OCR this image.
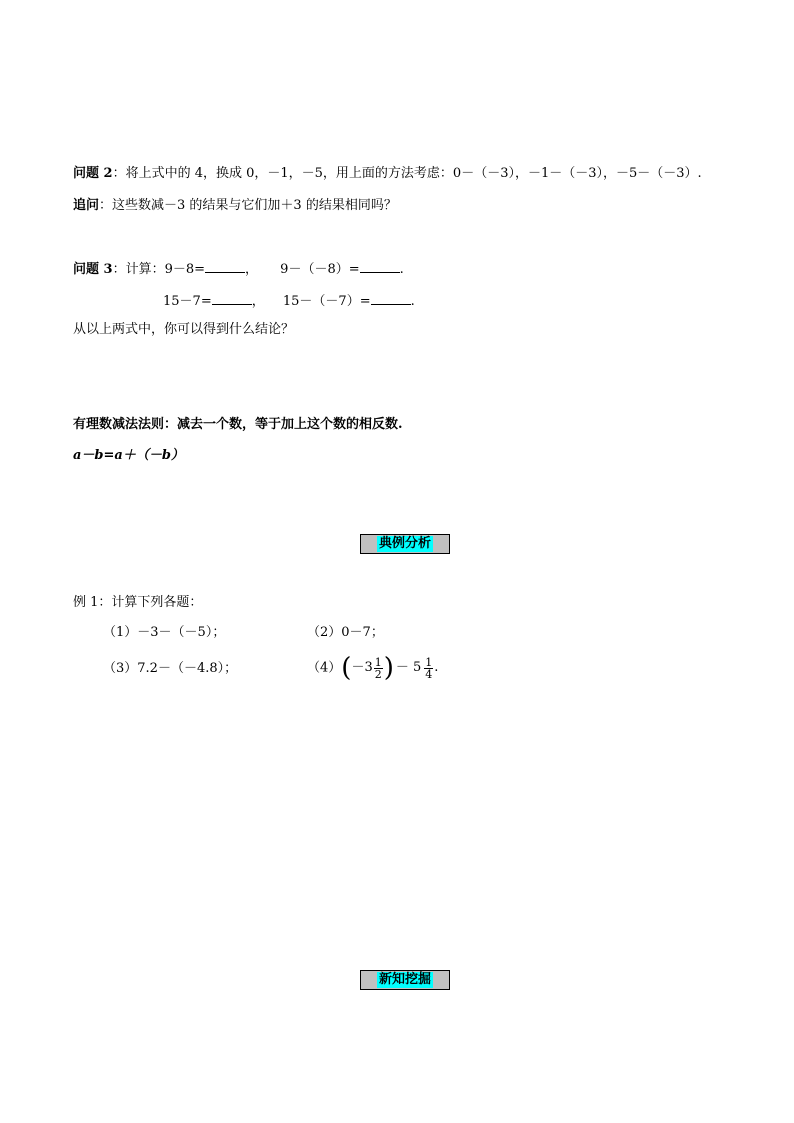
问题 2：将上式中的 4，换成 0，－1，－5，用上面的方法考虑：0－（－3），－1－（－3），－5－（－3）.
追问：这些数减－3 的结果与它们加＋3 的结果相同吗？
问题 3：计算：9－8=	， 9－（－8）=	.
15－7=	， 15－（－7）=	.
从以上两式中，你可以得到什么结论？
有理数减法法则：减去一个数，等于加上这个数的相反数.
a－b=a＋（－b）
典例分析
例 1：计算下列各题：
（1）－3－（－5）；	（2）0－7；
（3）7.2－（－4.8）；	（4） ( $-3 \frac{1}{2}$ ) － $5 \frac{1}{4}$ .
新知挖掘
